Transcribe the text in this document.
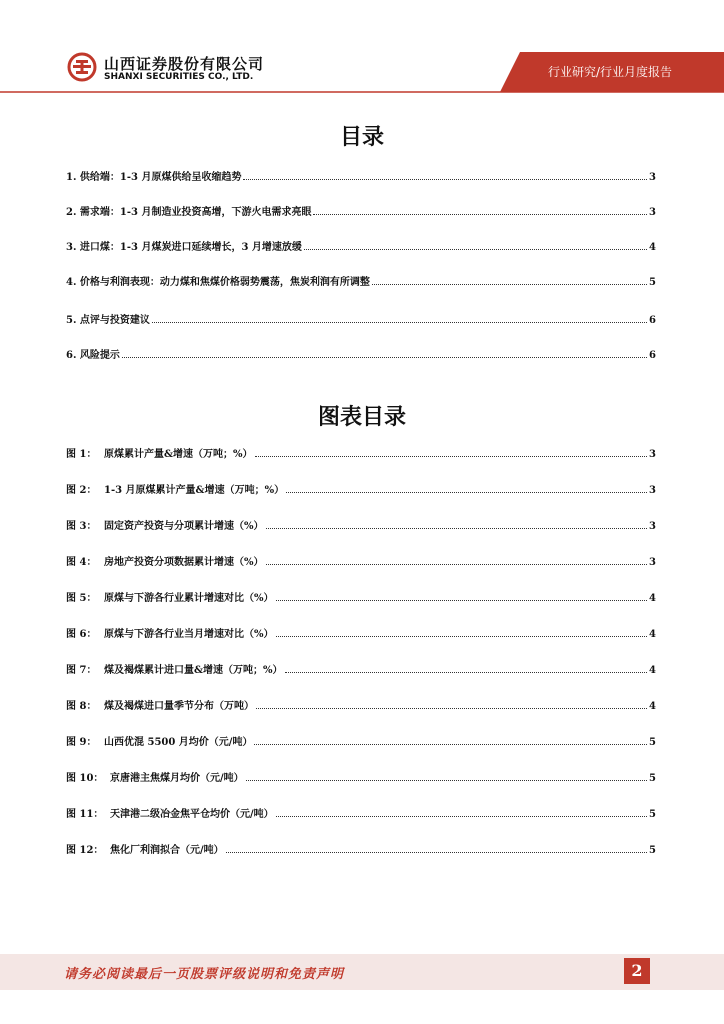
山西证券股份有限公司
SHANXI SECURITIES CO., LTD.	行业研究/行业月度报告
目录
1. 供给端：1-3 月原煤供给呈收缩趋势	3
2. 需求端：1-3 月制造业投资高增，下游火电需求亮眼	3
3. 进口煤：1-3 月煤炭进口延续增长，3 月增速放缓	4
4. 价格与利润表现：动力煤和焦煤价格弱势震荡，焦炭利润有所调整	5
5. 点评与投资建议	6
6. 风险提示	6
图表目录
图 1： 原煤累计产量&增速（万吨；%）	3
图 2： 1-3 月原煤累计产量&增速（万吨；%）	3
图 3： 固定资产投资与分项累计增速（%）	3
图 4： 房地产投资分项数据累计增速（%）	3
图 5： 原煤与下游各行业累计增速对比（%）	4
图 6： 原煤与下游各行业当月增速对比（%）	4
图 7： 煤及褐煤累计进口量&增速（万吨；%）	4
图 8： 煤及褐煤进口量季节分布（万吨）	4
图 9： 山西优混 5500 月均价（元/吨）	5
图 10： 京唐港主焦煤月均价（元/吨）	5
图 11： 天津港二级冶金焦平仓均价（元/吨）	5
图 12： 焦化厂利润拟合（元/吨）	5
请务必阅读最后一页股票评级说明和免责声明	2
